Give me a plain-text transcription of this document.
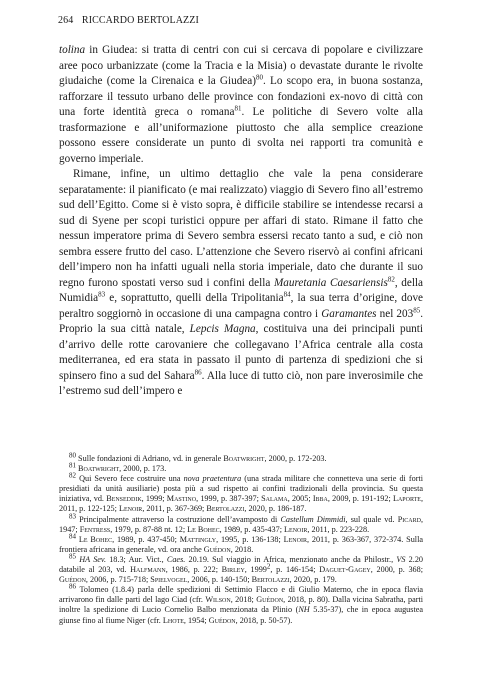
264 RICCARDO BERTOLAZZI

tolina in Giudea: si tratta di centri con cui si cercava di popolare e civilizzare aree poco urbanizzate (come la Tracia e la Misia) o devastate durante le rivolte giudaiche (come la Cirenaica e la Giudea)$^{80}$. Lo scopo era, in buona sostanza, rafforzare il tessuto urbano delle province con fondazioni ex-novo di città con una forte identità greca o romana$^{81}$. Le politiche di Severo volte alla trasformazione e all’uniformazione piuttosto che alla semplice creazione possono essere considerate un punto di svolta nei rapporti tra comunità e governo imperiale.

Rimane, infine, un ultimo dettaglio che vale la pena considerare separatamente: il pianificato (e mai realizzato) viaggio di Severo fino all’estremo sud dell’Egitto. Come si è visto sopra, è difficile stabilire se intendesse recarsi a sud di Syene per scopi turistici oppure per affari di stato. Rimane il fatto che nessun imperatore prima di Severo sembra essersi recato tanto a sud, e ciò non sembra essere frutto del caso. L’attenzione che Severo riservò ai confini africani dell’impero non ha infatti uguali nella storia imperiale, dato che durante il suo regno furono spostati verso sud i confini della Mauretania Caesariensis$^{82}$, della Numidia$^{83}$ e, soprattutto, quelli della Tripolitania$^{84}$, la sua terra d’origine, dove peraltro soggiornò in occasione di una campagna contro i Garamantes nel $203^{85}$. Proprio la sua città natale, Lepcis Magna, costituiva una dei principali punti d’arrivo delle rotte carovaniere che collegavano l’Africa centrale alla costa mediterranea, ed era stata in passato il punto di partenza di spedizioni che si spinsero fino a sud del Sahara$^{86}$. Alla luce di tutto ciò, non pare inverosimile che l’estremo sud dell’impero e

$^{80}$ Sulle fondazioni di Adriano, vd. in generale Boatwright, 2000, p. 172-203.

$^{81}$ Boatwright, 2000, p. 173.

$^{82}$ Qui Severo fece costruire una nova praetentura (una strada militare che connetteva una serie di forti presidiati da unità ausiliarie) posta più a sud rispetto ai confini tradizionali della provincia. Su questa iniziativa, vd. Benseddik, 1999; Mastino, 1999, p. 387-397; Salama, 2005; Ibba, 2009, p. 191-192; Laporte, 2011, p. 122-125; Lenoir, 2011, p. 367-369; Bertolazzi, 2020, p. 186-187.

$^{83}$ Principalmente attraverso la costruzione dell’avamposto di Castellum Dimmidi, sul quale vd. Picard, 1947; Fentress, 1979, p. 87-88 nt. 12; Le Bohec, 1989, p. 435-437; Lenoir, 2011, p. 223-228.

$^{84}$ Le Bohec, 1989, p. 437-450; Mattingly, 1995, p. 136-138; Lenoir, 2011, p. 363-367, 372-374. Sulla frontiera africana in generale, vd. ora anche Guédon, 2018.

$^{85}$ HA Sev. 18.3; Aur. Vict., Caes. 20.19. Sul viaggio in Africa, menzionato anche da Philostr., VS 2.20 databile al 203, vd. Halfmann, 1986, p. 222; Birley, 1999$^2$, p. 146-154; Daguet-Gagey, 2000, p. 368; Guédon, 2006, p. 715-718; Spielvogel, 2006, p. 140-150; Bertolazzi, 2020, p. 179.

$^{86}$ Tolomeo (1.8.4) parla delle spedizioni di Settimio Flacco e di Giulio Materno, che in epoca flavia arrivarono fin dalle parti del lago Ciad (cfr. Wilson, 2018; Guédon, 2018, p. 80). Dalla vicina Sabratha, parti inoltre la spedizione di Lucio Cornelio Balbo menzionata da Plinio (NH 5.35-37), che in epoca augustea giunse fino al fiume Niger (cfr. Lhote, 1954; Guédon, 2018, p. 50-57).
